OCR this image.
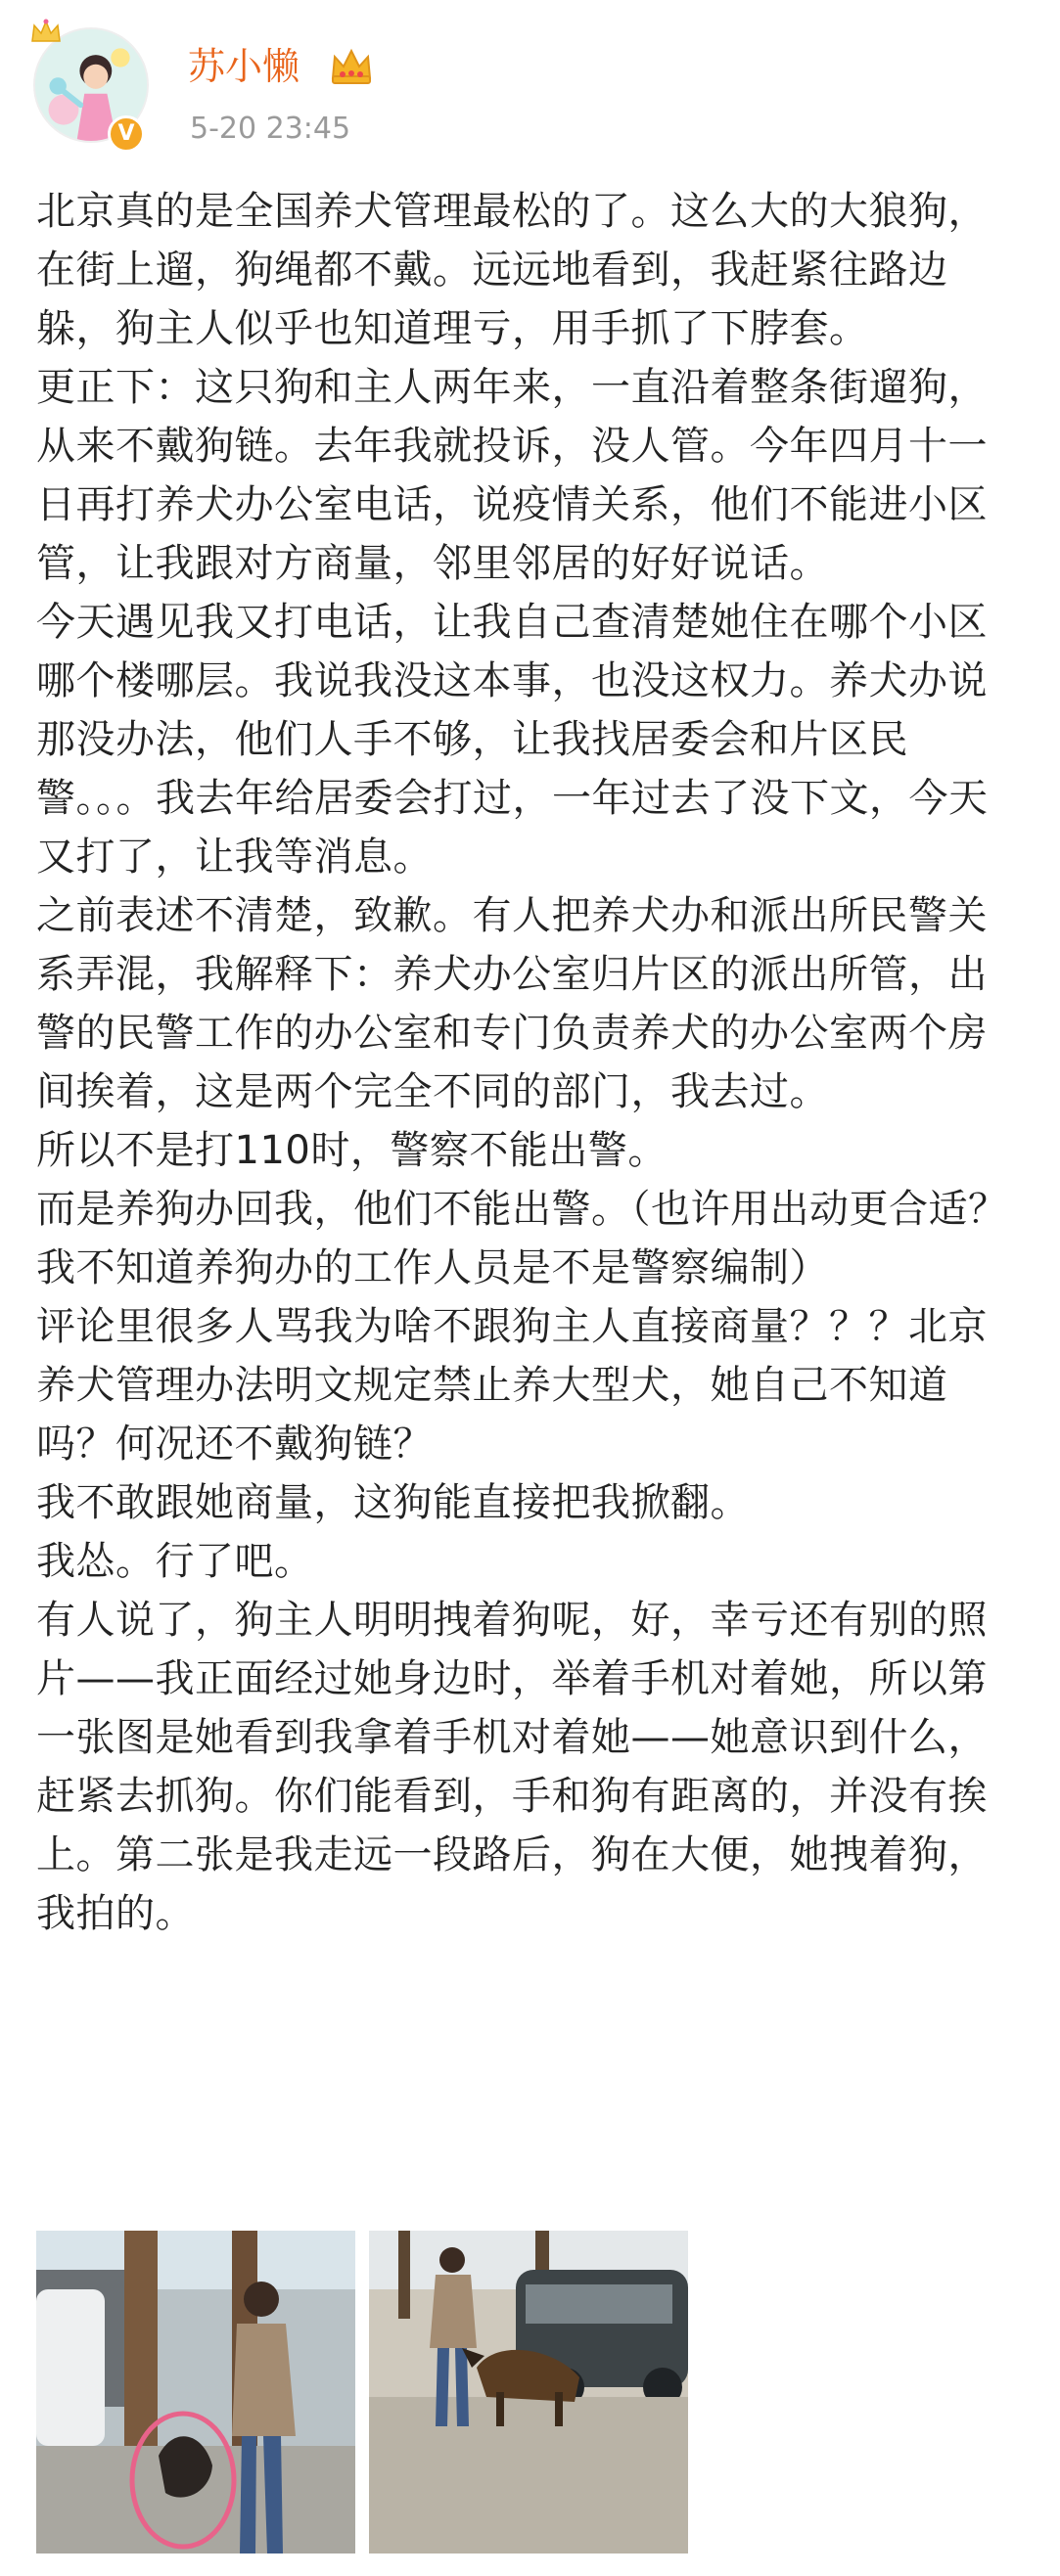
V
苏小懒
5-20 23:45

北京真的是全国养犬管理最松的了。这么大的大狼狗，在街上遛，狗绳都不戴。远远地看到，我赶紧往路边躲，狗主人似乎也知道理亏，用手抓了下脖套。

更正下：这只狗和主人两年来，一直沿着整条街遛狗，从来不戴狗链。去年我就投诉，没人管。今年四月十一日再打养犬办公室电话，说疫情关系，他们不能进小区管，让我跟对方商量，邻里邻居的好好说话。

今天遇见我又打电话，让我自己查清楚她住在哪个小区哪个楼哪层。我说我没这本事，也没这权力。养犬办说那没办法，他们人手不够，让我找居委会和片区民警。。。我去年给居委会打过，一年过去了没下文，今天又打了，让我等消息。

之前表述不清楚，致歉。有人把养犬办和派出所民警关系弄混，我解释下：养犬办公室归片区的派出所管，出警的民警工作的办公室和专门负责养犬的办公室两个房间挨着，这是两个完全不同的部门，我去过。

所以不是打110时，警察不能出警。

而是养狗办回我，他们不能出警。（也许用出动更合适？我不知道养狗办的工作人员是不是警察编制）

评论里很多人骂我为啥不跟狗主人直接商量？？？北京养犬管理办法明文规定禁止养大型犬，她自己不知道吗？何况还不戴狗链？

我不敢跟她商量，这狗能直接把我掀翻。

我怂。行了吧。

有人说了，狗主人明明拽着狗呢，好，幸亏还有别的照片——我正面经过她身边时，举着手机对着她，所以第一张图是她看到我拿着手机对着她——她意识到什么，赶紧去抓狗。你们能看到，手和狗有距离的，并没有挨上。第二张是我走远一段路后，狗在大便，她拽着狗，我拍的。
